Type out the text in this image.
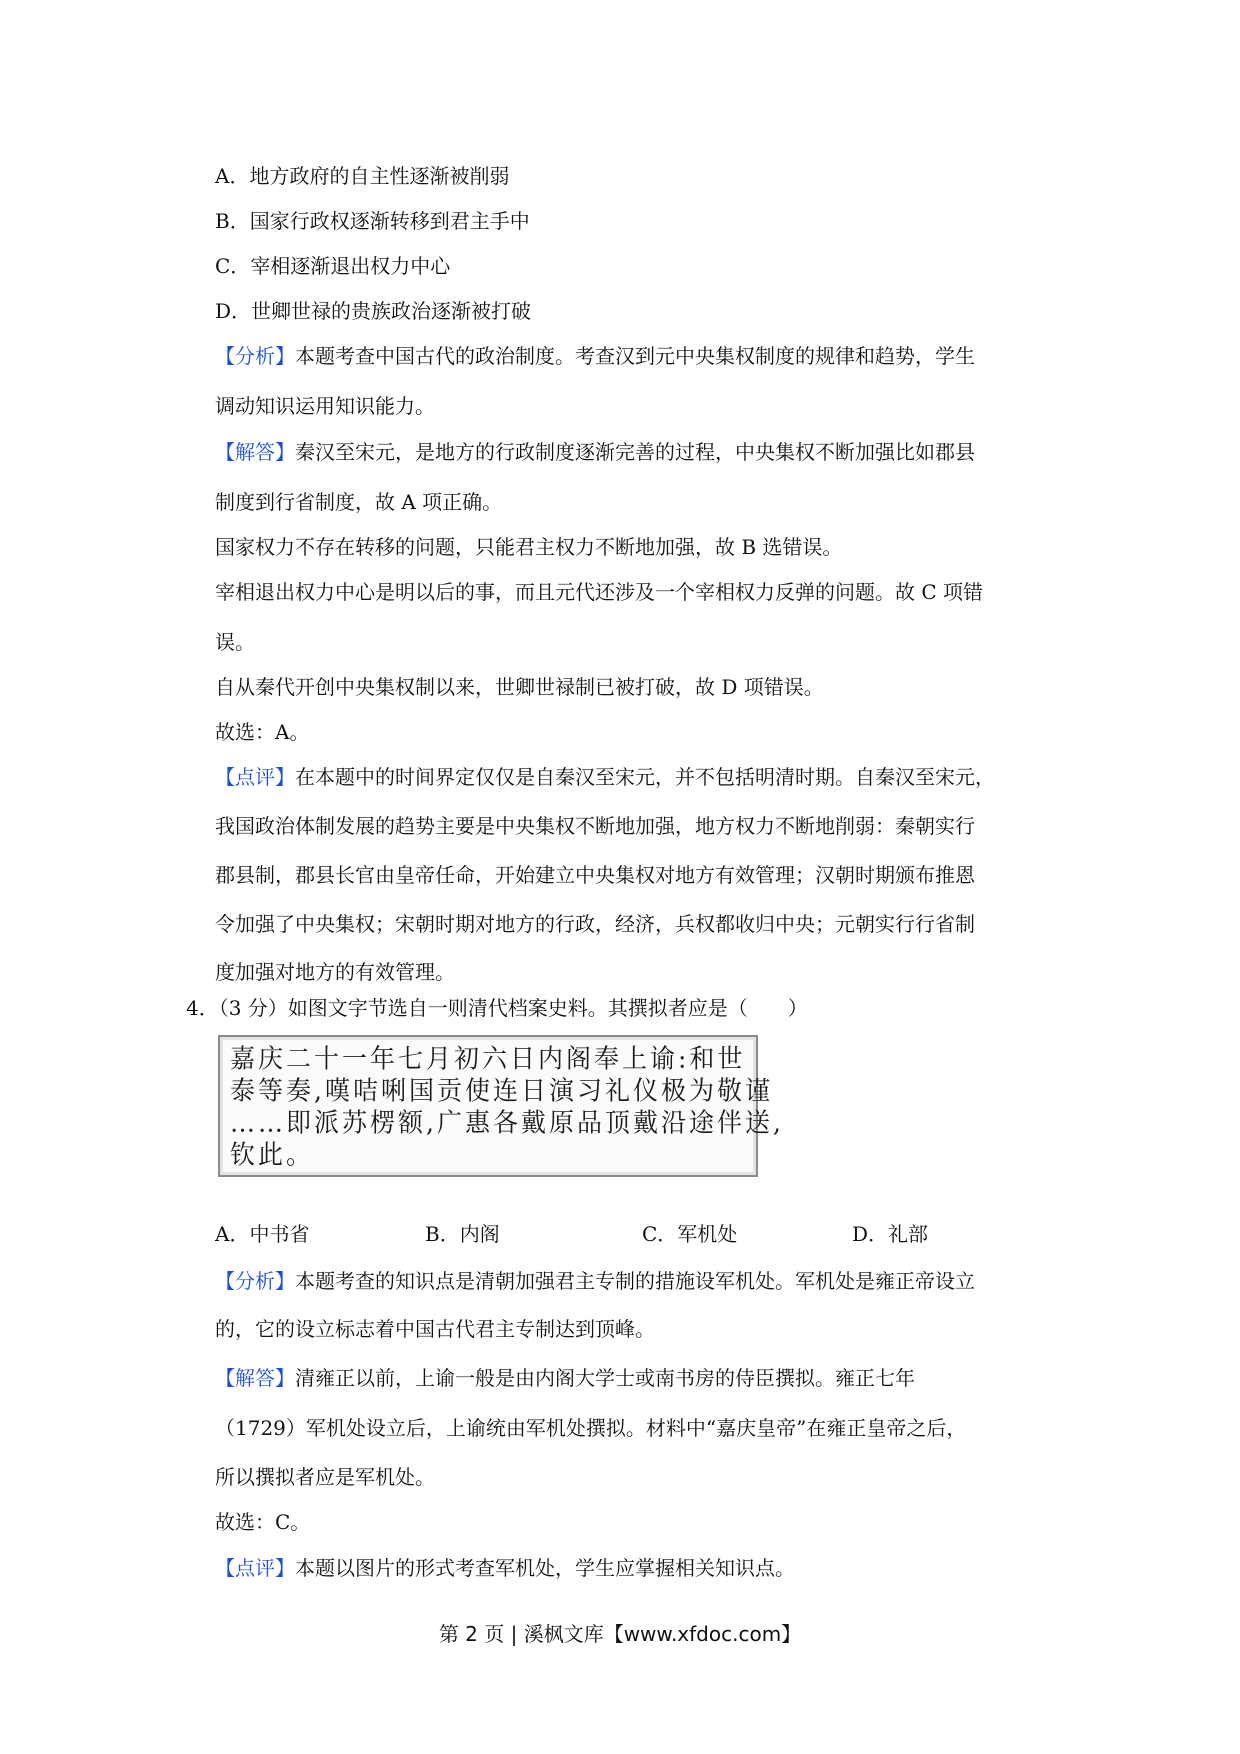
A．地方政府的自主性逐渐被削弱
B．国家行政权逐渐转移到君主手中
C．宰相逐渐退出权力中心
D．世卿世禄的贵族政治逐渐被打破
【分析】本题考查中国古代的政治制度。考查汉到元中央集权制度的规律和趋势，学生
调动知识运用知识能力。
【解答】秦汉至宋元，是地方的行政制度逐渐完善的过程，中央集权不断加强比如郡县
制度到行省制度，故 A 项正确。
国家权力不存在转移的问题，只能君主权力不断地加强，故 B 选错误。
宰相退出权力中心是明以后的事，而且元代还涉及一个宰相权力反弹的问题。故 C 项错
误。
自从秦代开创中央集权制以来，世卿世禄制已被打破，故 D 项错误。
故选：A。
【点评】在本题中的时间界定仅仅是自秦汉至宋元，并不包括明清时期。自秦汉至宋元，
我国政治体制发展的趋势主要是中央集权不断地加强，地方权力不断地削弱：秦朝实行
郡县制，郡县长官由皇帝任命，开始建立中央集权对地方有效管理；汉朝时期颁布推恩
令加强了中央集权；宋朝时期对地方的行政，经济，兵权都收归中央；元朝实行行省制
度加强对地方的有效管理。
4．（3 分）如图文字节选自一则清代档案史料。其撰拟者应是（　　）
嘉庆二十一年七月初六日内阁奉上谕:和世
泰等奏,嘆咭唎国贡使连日演习礼仪极为敬谨
……即派苏楞额,广惠各戴原品顶戴沿途伴送,
钦此。
A．中书省	B．内阁	C．军机处	D．礼部
【分析】本题考查的知识点是清朝加强君主专制的措施设军机处。军机处是雍正帝设立
的，它的设立标志着中国古代君主专制达到顶峰。
【解答】清雍正以前，上谕一般是由内阁大学士或南书房的侍臣撰拟。雍正七年
（1729）军机处设立后，上谕统由军机处撰拟。材料中“嘉庆皇帝”在雍正皇帝之后，
所以撰拟者应是军机处。
故选：C。
【点评】本题以图片的形式考查军机处，学生应掌握相关知识点。
第 2 页 | 溪枫文库【www.xfdoc.com】
